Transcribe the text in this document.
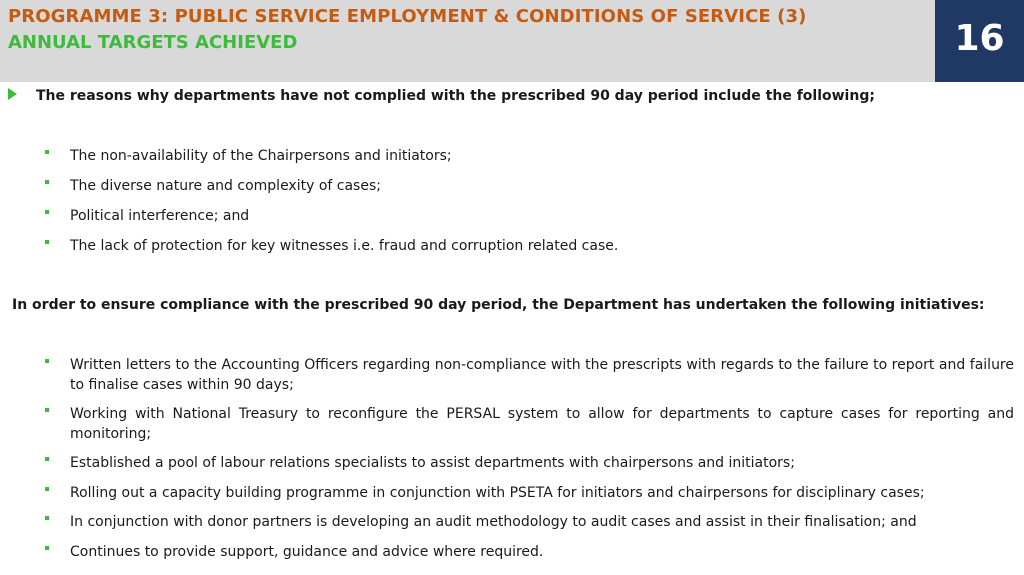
PROGRAMME 3: PUBLIC SERVICE EMPLOYMENT & CONDITIONS OF SERVICE (3)
ANNUAL TARGETS ACHIEVED	16
The reasons why departments have not complied with the prescribed 90 day period include the following;
The non-availability of the Chairpersons and initiators;
The diverse nature and complexity of cases;
Political interference; and
The lack of protection for key witnesses i.e. fraud and corruption related case.
In order to ensure compliance with the prescribed 90 day period, the Department has undertaken the following initiatives:
Written letters to the Accounting Officers regarding non-compliance with the prescripts with regards to the failure to report and failure to finalise cases within 90 days;
Working with National Treasury to reconfigure the PERSAL system to allow for departments to capture cases for reporting and monitoring;
Established a pool of labour relations specialists to assist departments with chairpersons and initiators;
Rolling out a capacity building programme in conjunction with PSETA for initiators and chairpersons for disciplinary cases;
In conjunction with donor partners is developing an audit methodology to audit cases and assist in their finalisation; and
Continues to provide support, guidance and advice where required.
